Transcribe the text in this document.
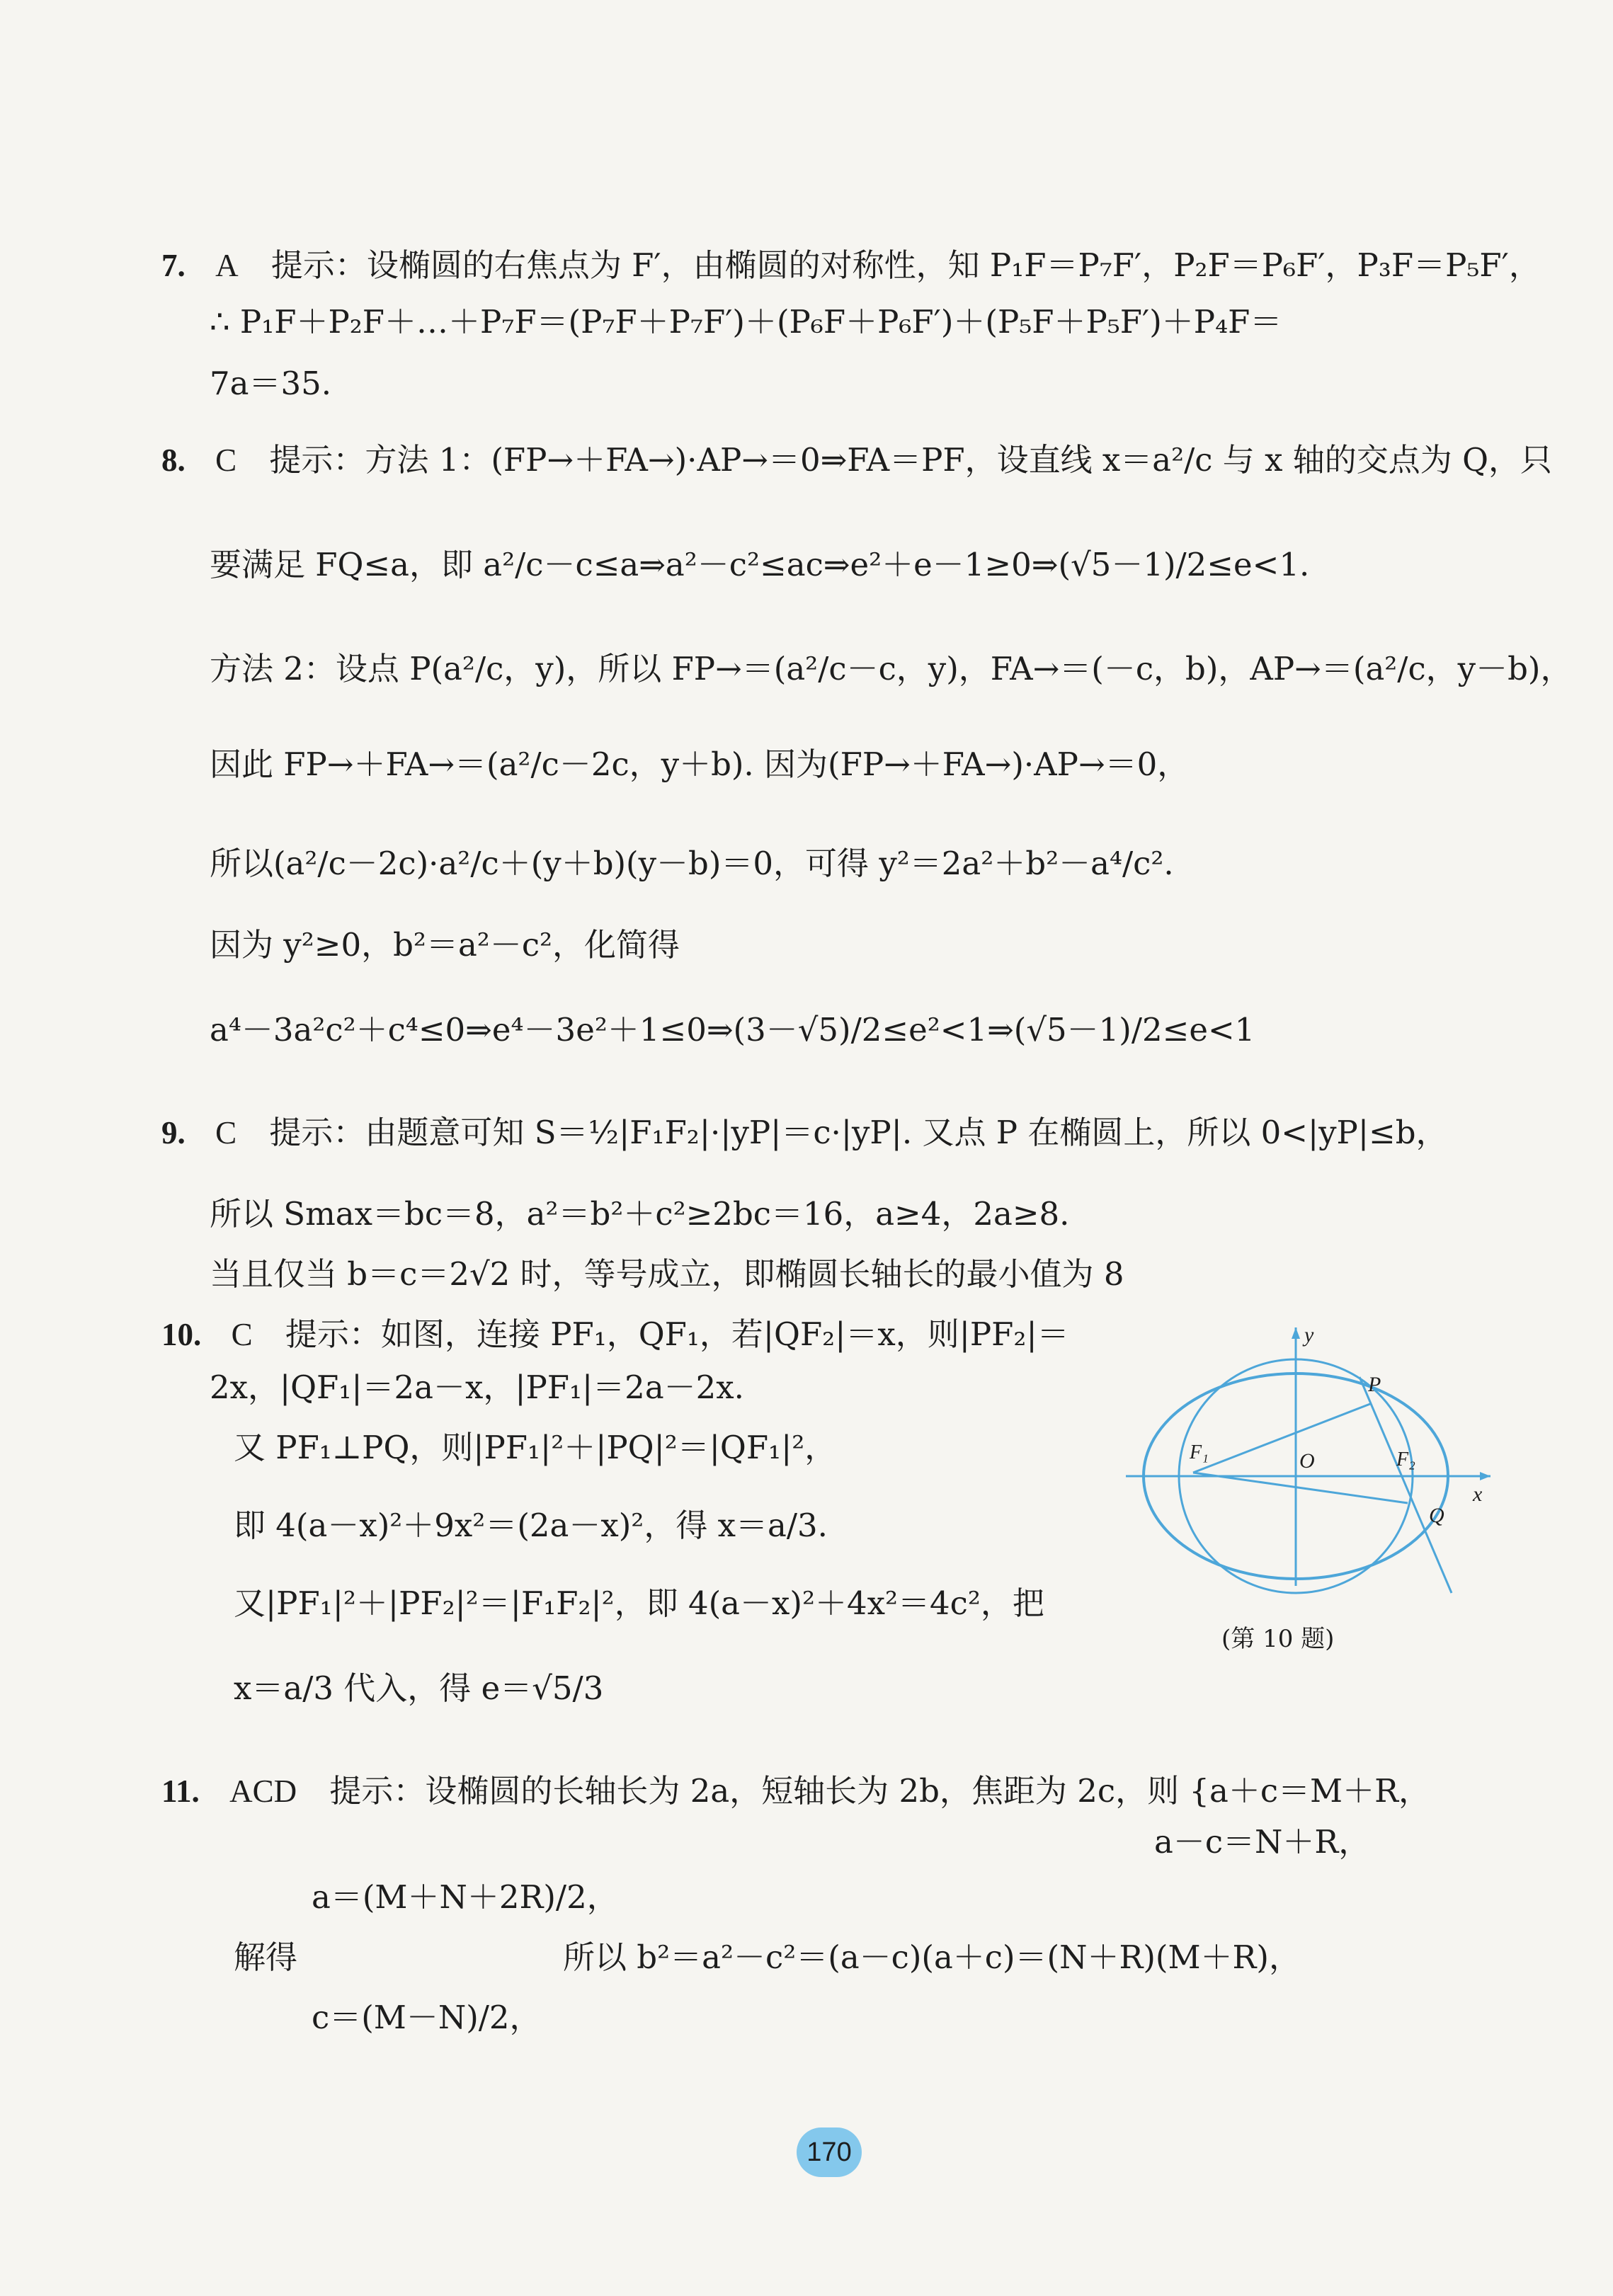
7. A 提示：设椭圆的右焦点为 F′，由椭圆的对称性，知 P₁F＝P₇F′，P₂F＝P₆F′，P₃F＝P₅F′，
∴ P₁F＋P₂F＋…＋P₇F＝(P₇F＋P₇F′)＋(P₆F＋P₆F′)＋(P₅F＋P₅F′)＋P₄F＝
7a＝35.
8. C 提示：方法 1：(FP→＋FA→)·AP→＝0⇒FA＝PF，设直线 x＝a²/c 与 x 轴的交点为 Q，只
要满足 FQ≤a，即 a²/c－c≤a⇒a²－c²≤ac⇒e²＋e－1≥0⇒(√5－1)/2≤e<1.
方法 2：设点 P(a²/c，y)，所以 FP→＝(a²/c－c，y)，FA→＝(－c，b)，AP→＝(a²/c，y－b)，
因此 FP→＋FA→＝(a²/c－2c，y＋b). 因为(FP→＋FA→)·AP→＝0，
所以(a²/c－2c)·a²/c＋(y＋b)(y－b)＝0，可得 y²＝2a²＋b²－a⁴/c².
因为 y²≥0，b²＝a²－c²，化简得
a⁴－3a²c²＋c⁴≤0⇒e⁴－3e²＋1≤0⇒(3－√5)/2≤e²<1⇒(√5－1)/2≤e<1
9. C 提示：由题意可知 S＝½|F₁F₂|·|yP|＝c·|yP|. 又点 P 在椭圆上，所以 0<|yP|≤b，
所以 Smax＝bc＝8，a²＝b²＋c²≥2bc＝16，a≥4，2a≥8.
当且仅当 b＝c＝2√2 时，等号成立，即椭圆长轴长的最小值为 8
10. C 提示：如图，连接 PF₁，QF₁，若|QF₂|＝x，则|PF₂|＝
2x，|QF₁|＝2a－x，|PF₁|＝2a－2x.
又 PF₁⊥PQ，则|PF₁|²＋|PQ|²＝|QF₁|²，
即 4(a－x)²＋9x²＝(2a－x)²，得 x＝a/3.
又|PF₁|²＋|PF₂|²＝|F₁F₂|²，即 4(a－x)²＋4x²＝4c²，把
x＝a/3 代入，得 e＝√5/3
y
P
F₁	O	F₂
x
Q
(第 10 题)
11. ACD 提示：设椭圆的长轴长为 2a，短轴长为 2b，焦距为 2c，则 {a＋c＝M＋R，
a－c＝N＋R，
a＝(M＋N＋2R)/2，
解得	所以 b²＝a²－c²＝(a－c)(a＋c)＝(N＋R)(M＋R)，
c＝(M－N)/2，
170
